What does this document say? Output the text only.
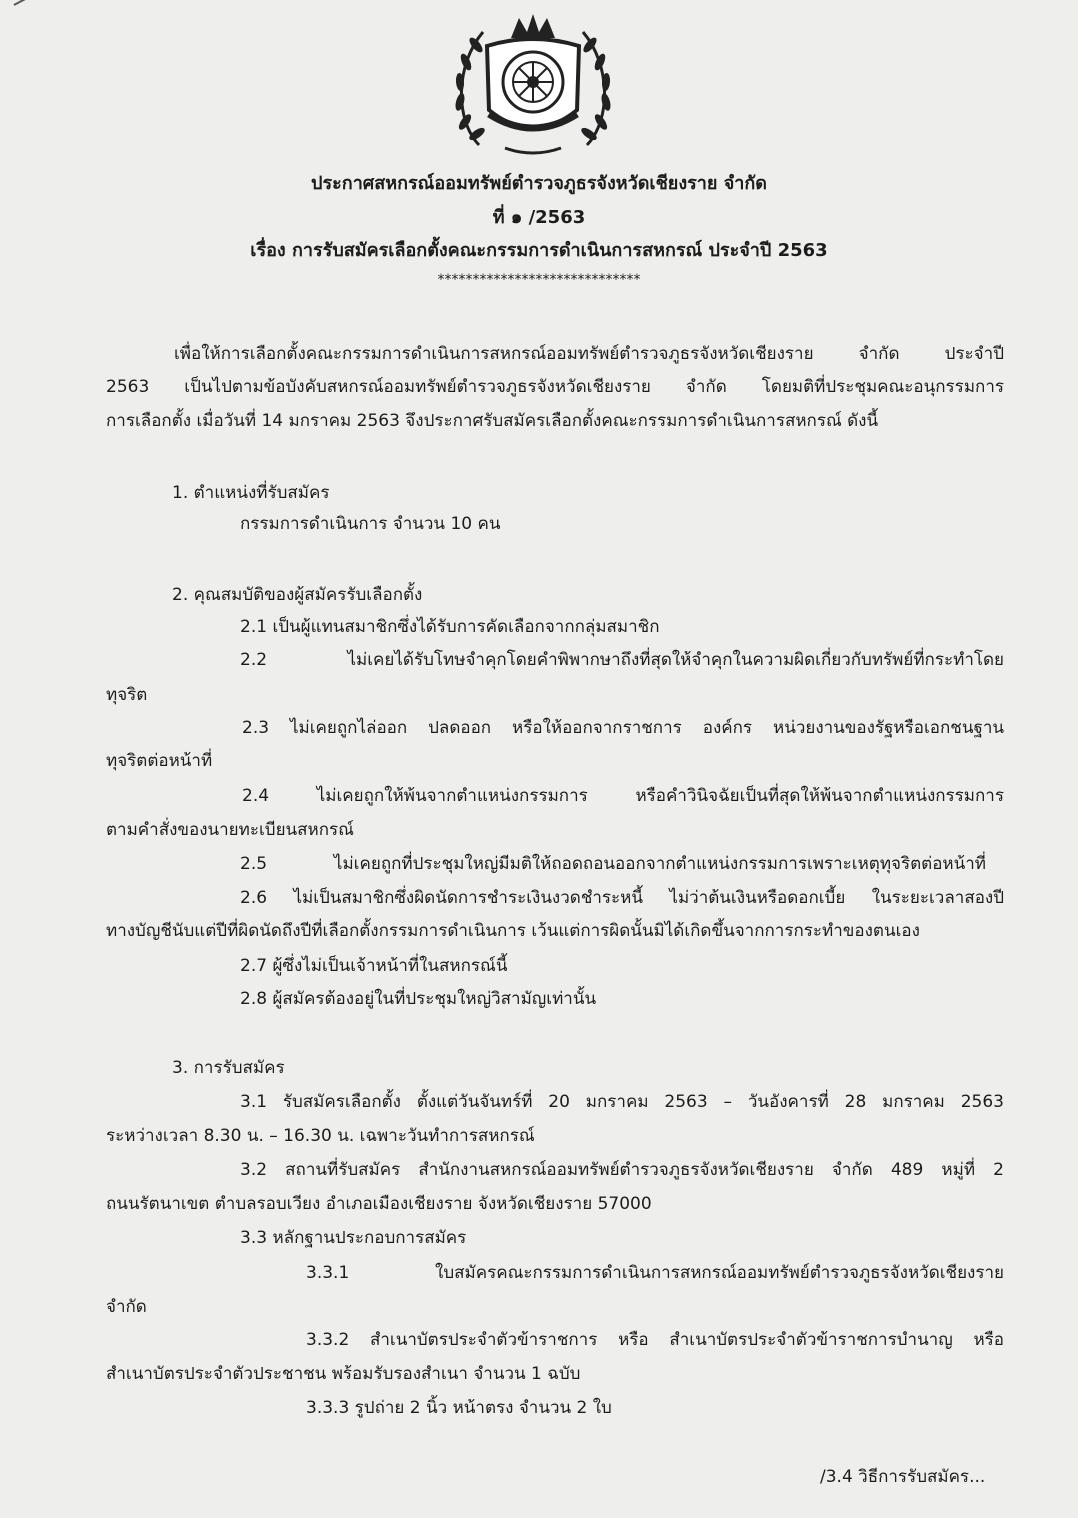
ประกาศสหกรณ์ออมทรัพย์ตำรวจภูธรจังหวัดเชียงราย จำกัด
ที่ ๑ /2563
เรื่อง การรับสมัครเลือกตั้งคณะกรรมการดำเนินการสหกรณ์ ประจำปี 2563
*****************************
เพื่อให้การเลือกตั้งคณะกรรมการดำเนินการสหกรณ์ออมทรัพย์ตำรวจภูธรจังหวัดเชียงราย จำกัด ประจำปี
2563 เป็นไปตามข้อบังคับสหกรณ์ออมทรัพย์ตำรวจภูธรจังหวัดเชียงราย จำกัด โดยมติที่ประชุมคณะอนุกรรมการ
การเลือกตั้ง เมื่อวันที่ 14 มกราคม 2563 จึงประกาศรับสมัครเลือกตั้งคณะกรรมการดำเนินการสหกรณ์ ดังนี้
1. ตำแหน่งที่รับสมัคร
กรรมการดำเนินการ จำนวน 10 คน
2. คุณสมบัติของผู้สมัครรับเลือกตั้ง
2.1 เป็นผู้แทนสมาชิกซึ่งได้รับการคัดเลือกจากกลุ่มสมาชิก
2.2 ไม่เคยได้รับโทษจำคุกโดยคำพิพากษาถึงที่สุดให้จำคุกในความผิดเกี่ยวกับทรัพย์ที่กระทำโดย
ทุจริต
2.3 ไม่เคยถูกไล่ออก ปลดออก หรือให้ออกจากราชการ องค์กร หน่วยงานของรัฐหรือเอกชนฐาน
ทุจริตต่อหน้าที่
2.4 ไม่เคยถูกให้พ้นจากตำแหน่งกรรมการ หรือคำวินิจฉัยเป็นที่สุดให้พ้นจากตำแหน่งกรรมการ
ตามคำสั่งของนายทะเบียนสหกรณ์
2.5 ไม่เคยถูกที่ประชุมใหญ่มีมติให้ถอดถอนออกจากตำแหน่งกรรมการเพราะเหตุทุจริตต่อหน้าที่
2.6 ไม่เป็นสมาชิกซึ่งผิดนัดการชำระเงินงวดชำระหนี้ ไม่ว่าต้นเงินหรือดอกเบี้ย ในระยะเวลาสองปี
ทางบัญชีนับแต่ปีที่ผิดนัดถึงปีที่เลือกตั้งกรรมการดำเนินการ เว้นแต่การผิดนั้นมิได้เกิดขึ้นจากการกระทำของตนเอง
2.7 ผู้ซึ่งไม่เป็นเจ้าหน้าที่ในสหกรณ์นี้
2.8 ผู้สมัครต้องอยู่ในที่ประชุมใหญ่วิสามัญเท่านั้น
3. การรับสมัคร
3.1 รับสมัครเลือกตั้ง ตั้งแต่วันจันทร์ที่ 20 มกราคม 2563 – วันอังคารที่ 28 มกราคม 2563
ระหว่างเวลา 8.30 น. – 16.30 น. เฉพาะวันทำการสหกรณ์
3.2 สถานที่รับสมัคร สำนักงานสหกรณ์ออมทรัพย์ตำรวจภูธรจังหวัดเชียงราย จำกัด 489 หมู่ที่ 2
ถนนรัตนาเขต ตำบลรอบเวียง อำเภอเมืองเชียงราย จังหวัดเชียงราย 57000
3.3 หลักฐานประกอบการสมัคร
3.3.1 ใบสมัครคณะกรรมการดำเนินการสหกรณ์ออมทรัพย์ตำรวจภูธรจังหวัดเชียงราย
จำกัด
3.3.2 สำเนาบัตรประจำตัวข้าราชการ หรือ สำเนาบัตรประจำตัวข้าราชการบำนาญ หรือ
สำเนาบัตรประจำตัวประชาชน พร้อมรับรองสำเนา จำนวน 1 ฉบับ
3.3.3 รูปถ่าย 2 นิ้ว หน้าตรง จำนวน 2 ใบ
/3.4 วิธีการรับสมัคร...
